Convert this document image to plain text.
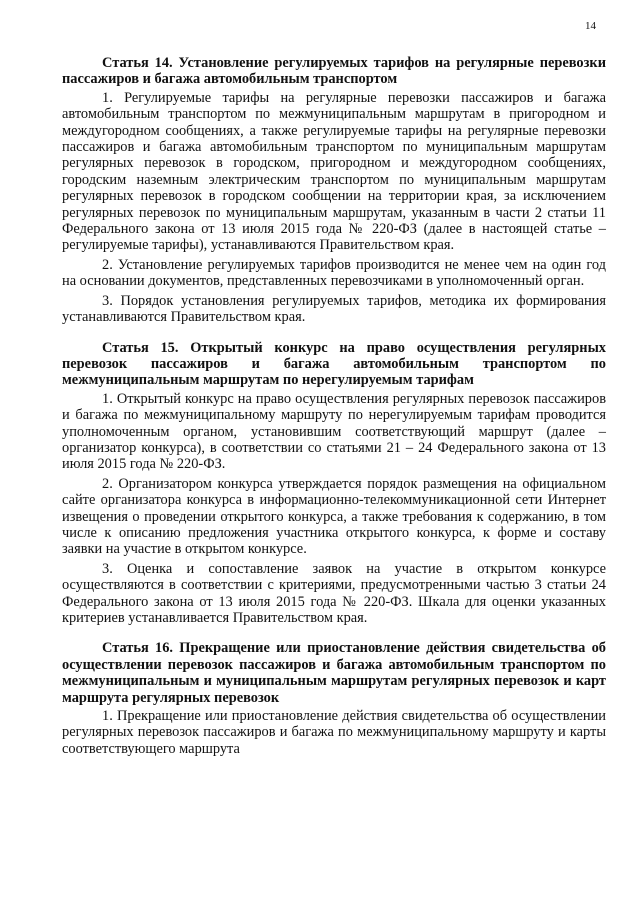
14

Статья 14. Установление регулируемых тарифов на регулярные перевозки пассажиров и багажа автомобильным транспортом

1. Регулируемые тарифы на регулярные перевозки пассажиров и багажа автомобильным транспортом по межмуниципальным маршрутам в пригородном и междугородном сообщениях, а также регулируемые тарифы на регулярные перевозки пассажиров и багажа автомобильным транспортом по муниципальным маршрутам регулярных перевозок в городском, пригородном и междугородном сообщениях, городским наземным электрическим транспортом по муниципальным маршрутам регулярных перевозок в городском сообщении на территории края, за исключением регулярных перевозок по муниципальным маршрутам, указанным в части 2 статьи 11 Федерального закона от 13 июля 2015 года № 220-ФЗ (далее в настоящей статье – регулируемые тарифы), устанавливаются Правительством края.

2. Установление регулируемых тарифов производится не менее чем на один год на основании документов, представленных перевозчиками в уполномоченный орган.

3. Порядок установления регулируемых тарифов, методика их формирования устанавливаются Правительством края.

Статья 15. Открытый конкурс на право осуществления регулярных перевозок пассажиров и багажа автомобильным транспортом по межмуниципальным маршрутам по нерегулируемым тарифам

1. Открытый конкурс на право осуществления регулярных перевозок пассажиров и багажа по межмуниципальному маршруту по нерегулируемым тарифам проводится уполномоченным органом, установившим соответствующий маршрут (далее – организатор конкурса), в соответствии со статьями 21 – 24 Федерального закона от 13 июля 2015 года № 220-ФЗ.

2. Организатором конкурса утверждается порядок размещения на официальном сайте организатора конкурса в информационно-телекоммуникационной сети Интернет извещения о проведении открытого конкурса, а также требования к содержанию, в том числе к описанию предложения участника открытого конкурса, к форме и составу заявки на участие в открытом конкурсе.

3. Оценка и сопоставление заявок на участие в открытом конкурсе осуществляются в соответствии с критериями, предусмотренными частью 3 статьи 24 Федерального закона от 13 июля 2015 года № 220-ФЗ. Шкала для оценки указанных критериев устанавливается Правительством края.

Статья 16. Прекращение или приостановление действия свидетельства об осуществлении перевозок пассажиров и багажа автомобильным транспортом по межмуниципальным и муниципальным маршрутам регулярных перевозок и карт маршрута регулярных перевозок

1. Прекращение или приостановление действия свидетельства об осуществлении регулярных перевозок пассажиров и багажа по межмуниципальному маршруту и карты соответствующего маршрута
